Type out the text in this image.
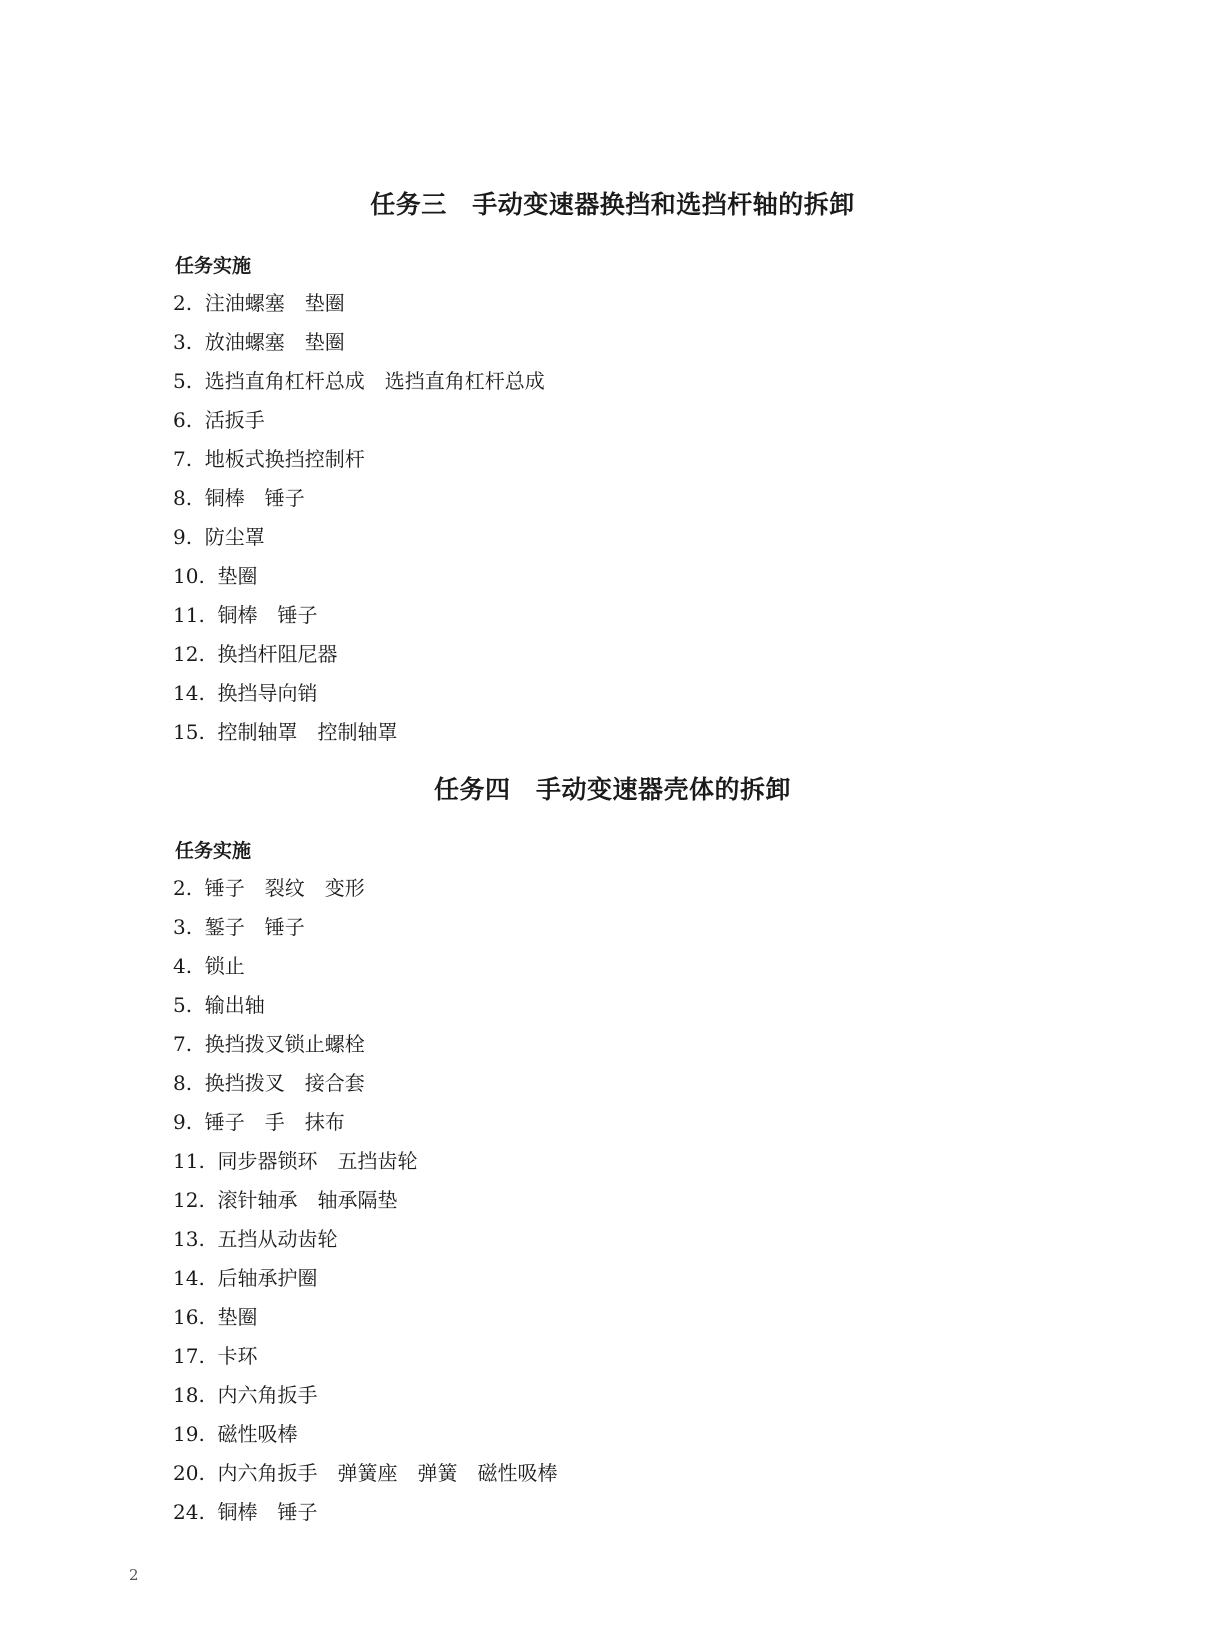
任务三　手动变速器换挡和选挡杆轴的拆卸
任务实施
2.  注油螺塞　垫圈
3.  放油螺塞　垫圈
5.  选挡直角杠杆总成　选挡直角杠杆总成
6.  活扳手
7.  地板式换挡控制杆
8.  铜棒　锤子
9.  防尘罩
10.  垫圈
11.  铜棒　锤子
12.  换挡杆阻尼器
14.  换挡导向销
15.  控制轴罩　控制轴罩
任务四　手动变速器壳体的拆卸
任务实施
2.  锤子　裂纹　变形
3.  錾子　锤子
4.  锁止
5.  输出轴
7.  换挡拨叉锁止螺栓
8.  换挡拨叉　接合套
9.  锤子　手　抹布
11.  同步器锁环　五挡齿轮
12.  滚针轴承　轴承隔垫
13.  五挡从动齿轮
14.  后轴承护圈
16.  垫圈
17.  卡环
18.  内六角扳手
19.  磁性吸棒
20.  内六角扳手　弹簧座　弹簧　磁性吸棒
24.  铜棒　锤子
2
